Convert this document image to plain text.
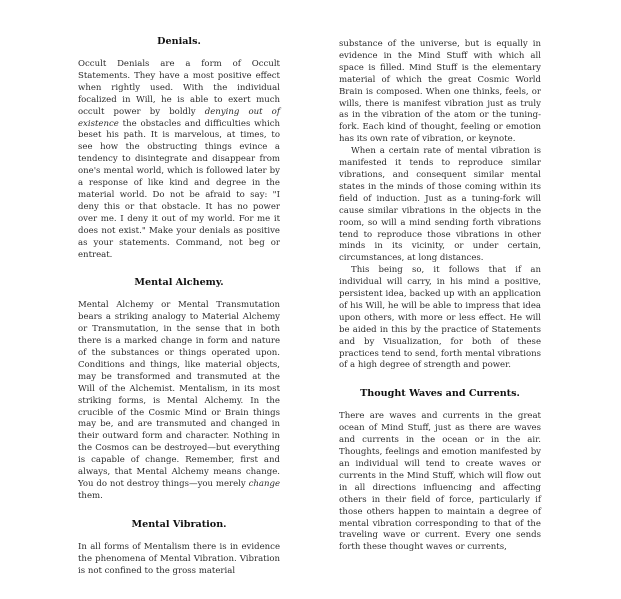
Denials.

Occult Denials are a form of Occult Statements. They have a most positive effect when rightly used. With the individual focalized in Will, he is able to exert much occult power by boldly denying out of existence the obstacles and difficulties which beset his path. It is marvelous, at times, to see how the obstructing things evince a tendency to disintegrate and disappear from one's mental world, which is followed later by a response of like kind and degree in the material world. Do not be afraid to say: "I deny this or that obstacle. It has no power over me. I deny it out of my world. For me it does not exist." Make your denials as positive as your statements. Command, not beg or entreat.

Mental Alchemy.

Mental Alchemy or Mental Transmutation bears a striking analogy to Material Alchemy or Transmutation, in the sense that in both there is a marked change in form and nature of the substances or things operated upon. Conditions and things, like material objects, may be transformed and transmuted at the Will of the Alchemist. Mentalism, in its most striking forms, is Mental Alchemy. In the crucible of the Cosmic Mind or Brain things may be, and are transmuted and changed in their outward form and character. Nothing in the Cosmos can be destroyed—but everything is capable of change. Remember, first and always, that Mental Alchemy means change. You do not destroy things—you merely change them.

Mental Vibration.

In all forms of Mentalism there is in evidence the phenomena of Mental Vibration. Vibration is not confined to the gross material

substance of the universe, but is equally in evidence in the Mind Stuff with which all space is filled. Mind Stuff is the elementary material of which the great Cosmic World Brain is composed. When one thinks, feels, or wills, there is manifest vibration just as truly as in the vibration of the atom or the tuning-fork. Each kind of thought, feeling or emotion has its own rate of vibration, or keynote.

When a certain rate of mental vibration is manifested it tends to reproduce similar vibrations, and consequent similar mental states in the minds of those coming within its field of induction. Just as a tuning-fork will cause similar vibrations in the objects in the room, so will a mind sending forth vibrations tend to reproduce those vibrations in other minds in its vicinity, or under certain, circumstances, at long distances.

This being so, it follows that if an individual will carry, in his mind a positive, persistent idea, backed up with an application of his Will, he will be able to impress that idea upon others, with more or less effect. He will be aided in this by the practice of Statements and by Visualization, for both of these practices tend to send, forth mental vibrations of a high degree of strength and power.

Thought Waves and Currents.

There are waves and currents in the great ocean of Mind Stuff, just as there are waves and currents in the ocean or in the air. Thoughts, feelings and emotion manifested by an individual will tend to create waves or currents in the Mind Stuff, which will flow out in all directions influencing and affecting others in their field of force, particularly if those others happen to maintain a degree of mental vibration corresponding to that of the traveling wave or current. Every one sends forth these thought waves or currents,
